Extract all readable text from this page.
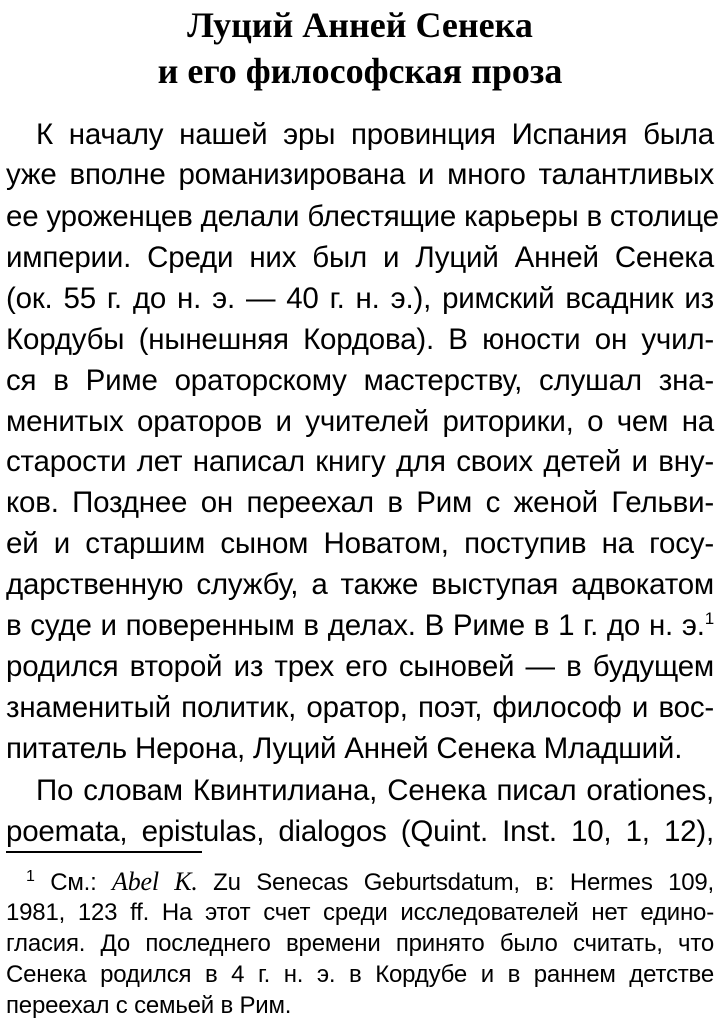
Луций Анней Сенека
и его философская проза

К началу нашей эры провинция Испания была

уже вполне романизирована и много талантливых

ее уроженцев делали блестящие карьеры в столице

империи. Среди них был и Луций Анней Сенека

(ок. 55 г. до н. э. — 40 г. н. э.), римский всадник из

Кордубы (нынешняя Кордова). В юности он учил-

ся в Риме ораторскому мастерству, слушал зна-

менитых ораторов и учителей риторики, о чем на

старости лет написал книгу для своих детей и вну-

ков. Позднее он переехал в Рим с женой Гельви-

ей и старшим сыном Новатом, поступив на госу-

дарственную службу, а также выступая адвокатом

в суде и поверенным в делах. В Риме в 1 г. до н. э.$^1$

родился второй из трех его сыновей — в будущем

знаменитый политик, оратор, поэт, философ и вос-

питатель Нерона, Луций Анней Сенека Младший.

По словам Квинтилиана, Сенека писал orationes,

poemata, epistulas, dialogos (Quint. Inst. 10, 1, 12),

$^1$ См.: Abel K. Zu Senecas Geburtsdatum, в: Hermes 109,

1981, 123 ff. На этот счет среди исследователей нет едино-

гласия. До последнего времени принято было считать, что

Сенека родился в 4 г. н. э. в Кордубе и в раннем детстве

переехал с семьей в Рим.
